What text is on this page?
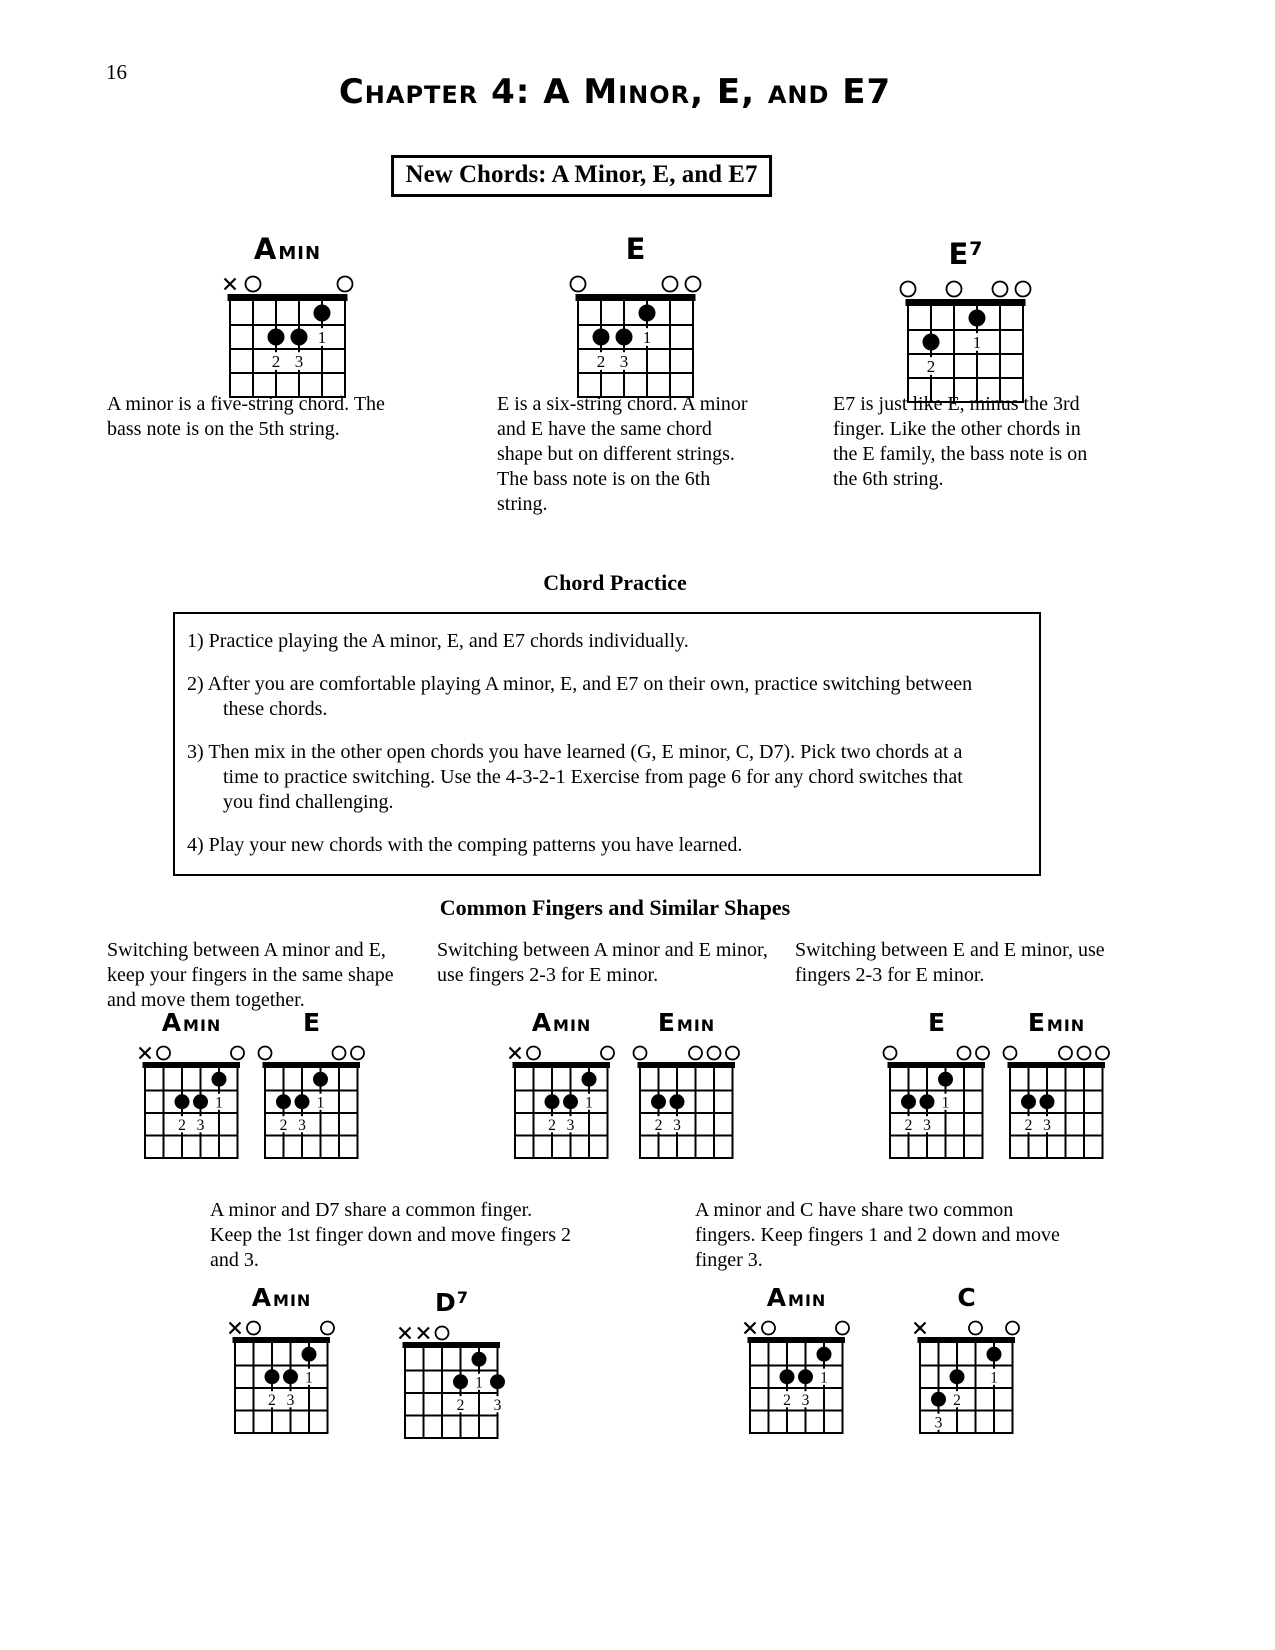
16	Chapter 4: A Minor, E, and E7
New Chords: A Minor, E, and E7
AMIN
1
2 3
E
1
2 3
E7
1
2
A minor is a five-string chord. The bass note is on the 5th string.
E is a six-string chord. A minor and E have the same chord shape but on different strings. The bass note is on the 6th string.
E7 is just like E, minus the 3rd finger. Like the other chords in the E family, the bass note is on the 6th string.
Chord Practice
1) Practice playing the A minor, E, and E7 chords individually.
2) After you are comfortable playing A minor, E, and E7 on their own, practice switching between these chords.
3) Then mix in the other open chords you have learned (G, E minor, C, D7). Pick two chords at a time to practice switching. Use the 4-3-2-1 Exercise from page 6 for any chord switches that you find challenging.
4) Play your new chords with the comping patterns you have learned.
Common Fingers and Similar Shapes
Switching between A minor and E, keep your fingers in the same shape and move them together.
Switching between A minor and E minor, use fingers 2-3 for E minor.
Switching between E and E minor, use fingers 2-3 for E minor.
AMIN
1
2 3
E
1
2 3
AMIN
1
2 3
EMIN
2 3
E
1
2 3
EMIN
2 3
A minor and D7 share a common finger. Keep the 1st finger down and move fingers 2 and 3.
A minor and C have share two common fingers. Keep fingers 1 and 2 down and move finger 3.
AMIN
1
2 3
D7
1
2 3
AMIN
1
2 3
C
1
2
3
